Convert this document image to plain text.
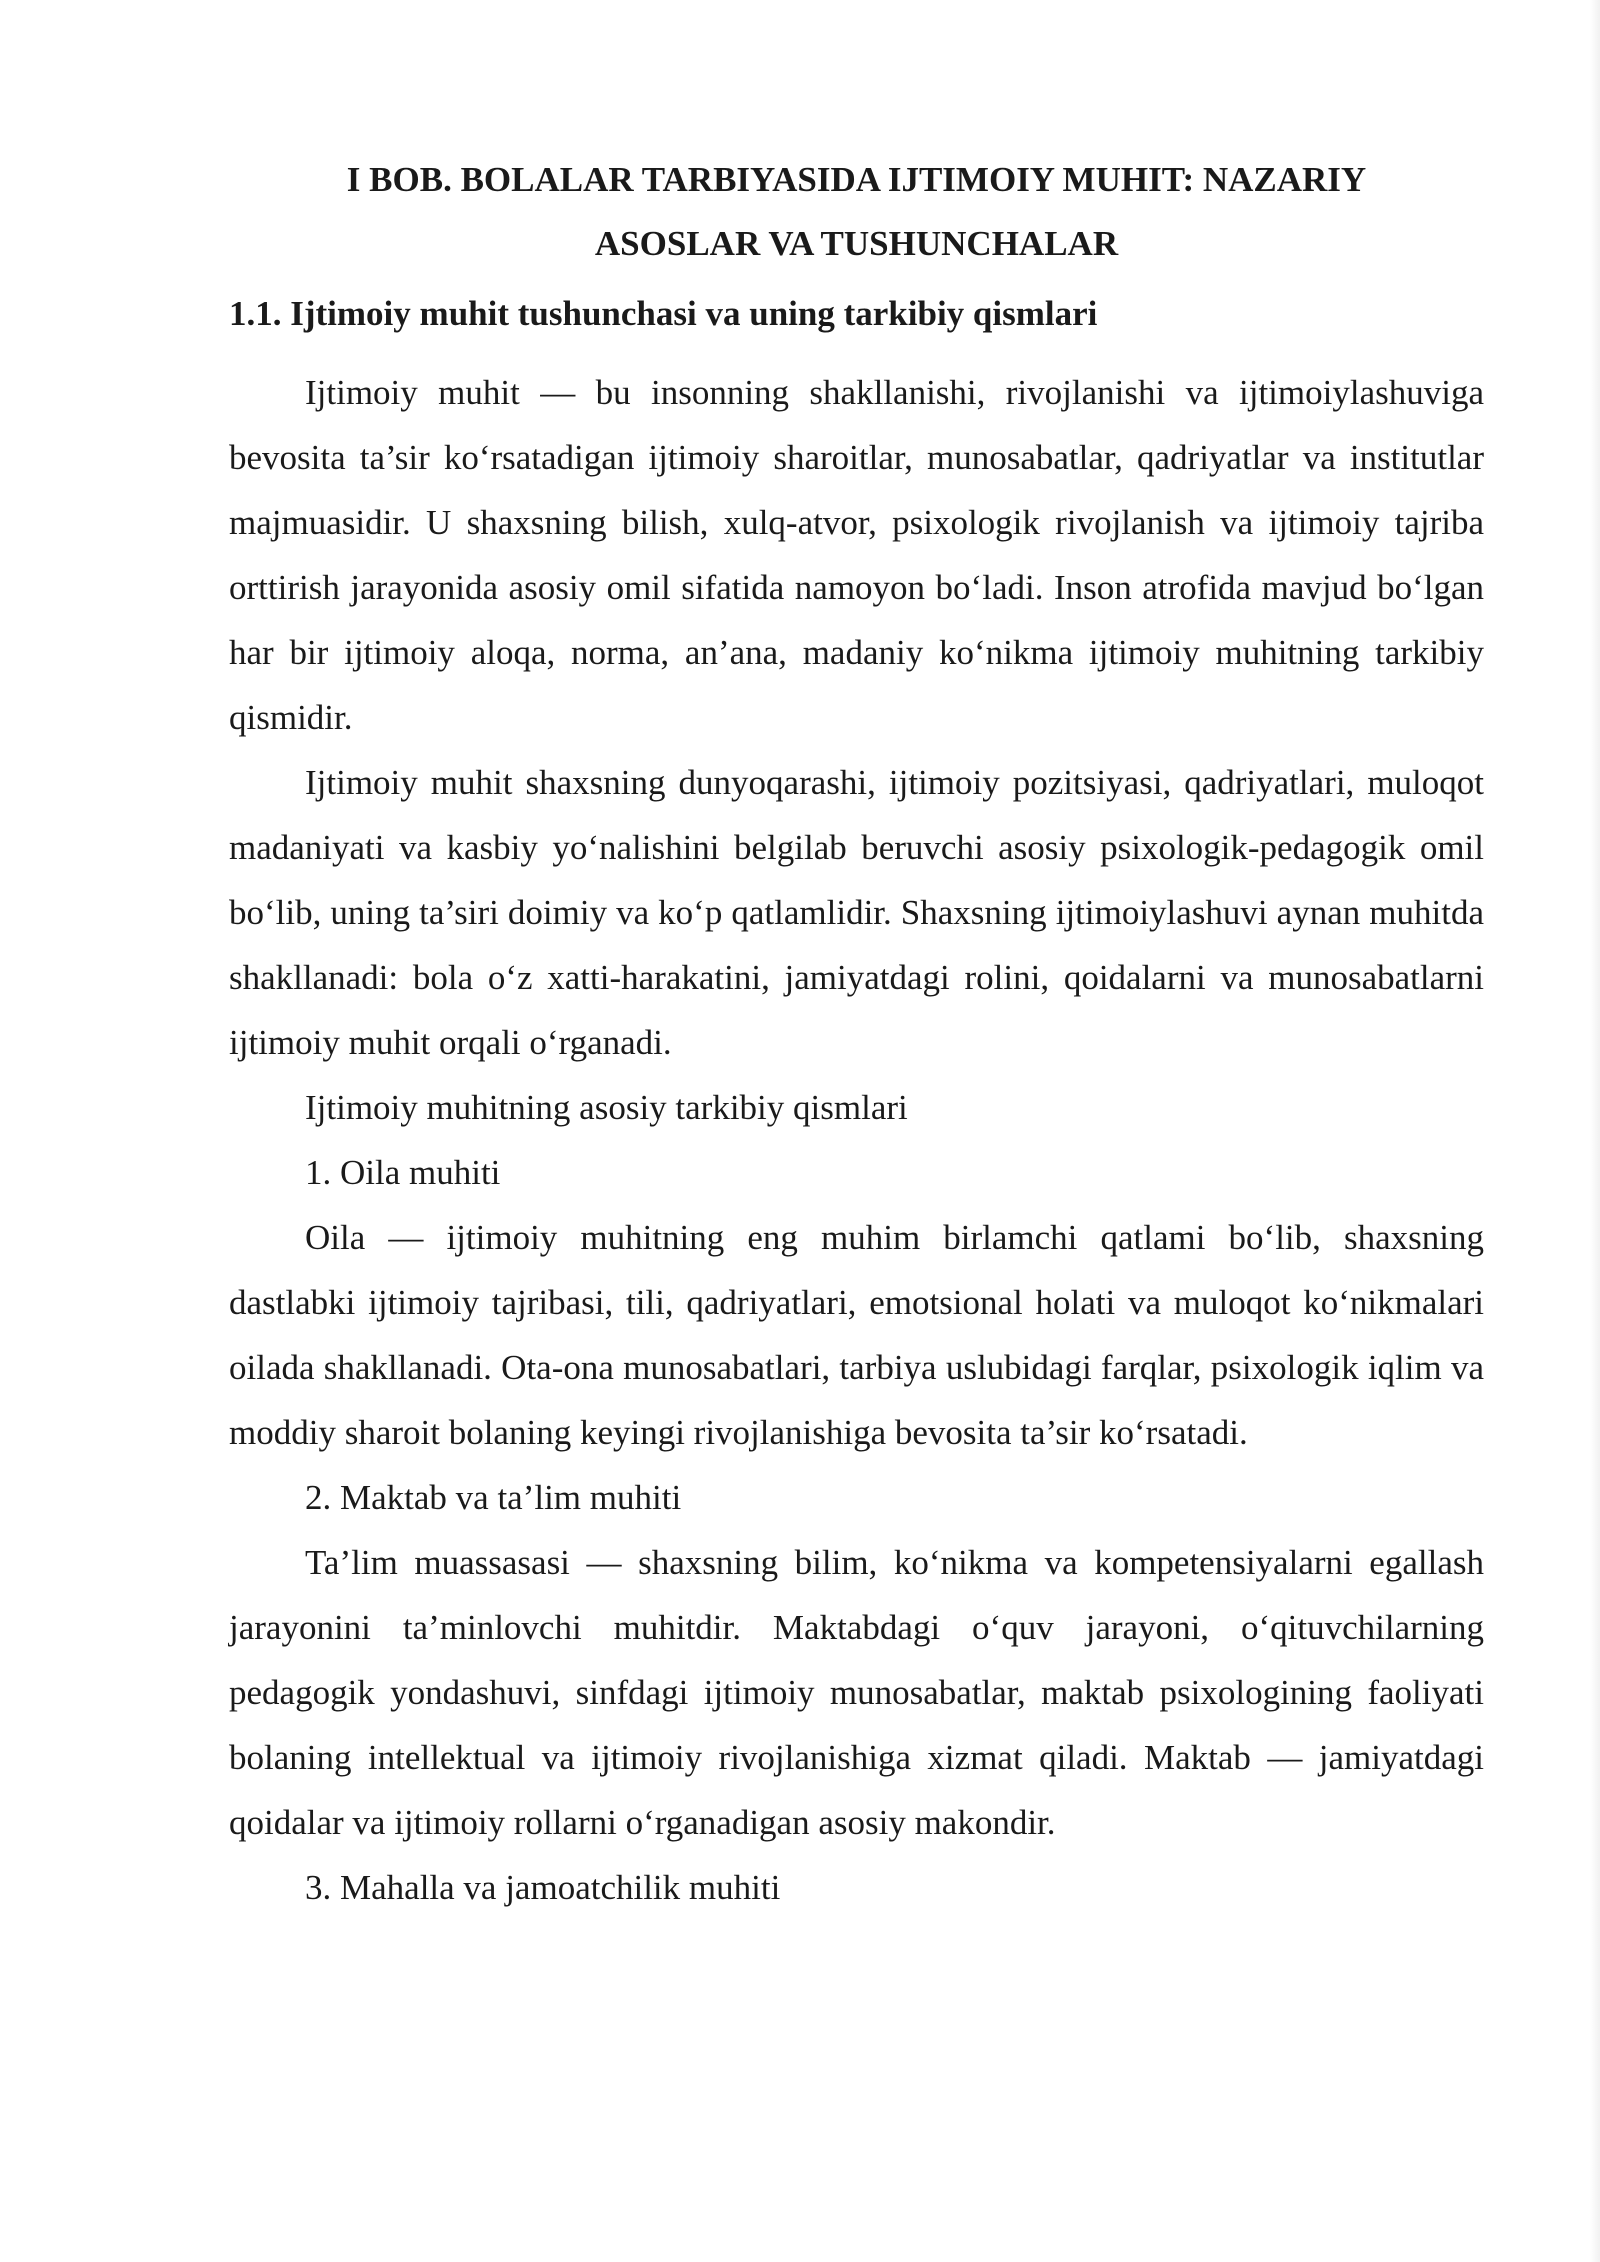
I BOB. BOLALAR TARBIYASIDA IJTIMOIY MUHIT: NAZARIY
ASOSLAR VA TUSHUNCHALAR
1.1. Ijtimoiy muhit tushunchasi va uning tarkibiy qismlari

Ijtimoiy muhit — bu insonning shakllanishi, rivojlanishi va ijtimoiylashuviga bevosita ta’sir ko‘rsatadigan ijtimoiy sharoitlar, munosabatlar, qadriyatlar va institutlar majmuasidir. U shaxsning bilish, xulq-atvor, psixologik rivojlanish va ijtimoiy tajriba orttirish jarayonida asosiy omil sifatida namoyon bo‘ladi. Inson atrofida mavjud bo‘lgan har bir ijtimoiy aloqa, norma, an’ana, madaniy ko‘nikma ijtimoiy muhitning tarkibiy qismidir.

Ijtimoiy muhit shaxsning dunyoqarashi, ijtimoiy pozitsiyasi, qadriyatlari, muloqot madaniyati va kasbiy yo‘nalishini belgilab beruvchi asosiy psixologik-pedagogik omil bo‘lib, uning ta’siri doimiy va ko‘p qatlamlidir. Shaxsning ijtimoiylashuvi aynan muhitda shakllanadi: bola o‘z xatti-harakatini, jamiyatdagi rolini, qoidalarni va munosabatlarni ijtimoiy muhit orqali o‘rganadi.

Ijtimoiy muhitning asosiy tarkibiy qismlari

1. Oila muhiti

Oila — ijtimoiy muhitning eng muhim birlamchi qatlami bo‘lib, shaxsning dastlabki ijtimoiy tajribasi, tili, qadriyatlari, emotsional holati va muloqot ko‘nikmalari oilada shakllanadi. Ota-ona munosabatlari, tarbiya uslubidagi farqlar, psixologik iqlim va moddiy sharoit bolaning keyingi rivojlanishiga bevosita ta’sir ko‘rsatadi.

2. Maktab va ta’lim muhiti

Ta’lim muassasasi — shaxsning bilim, ko‘nikma va kompetensiyalarni egallash jarayonini ta’minlovchi muhitdir. Maktabdagi o‘quv jarayoni, o‘qituvchilarning pedagogik yondashuvi, sinfdagi ijtimoiy munosabatlar, maktab psixologining faoliyati bolaning intellektual va ijtimoiy rivojlanishiga xizmat qiladi. Maktab — jamiyatdagi qoidalar va ijtimoiy rollarni o‘rganadigan asosiy makondir.

3. Mahalla va jamoatchilik muhiti
